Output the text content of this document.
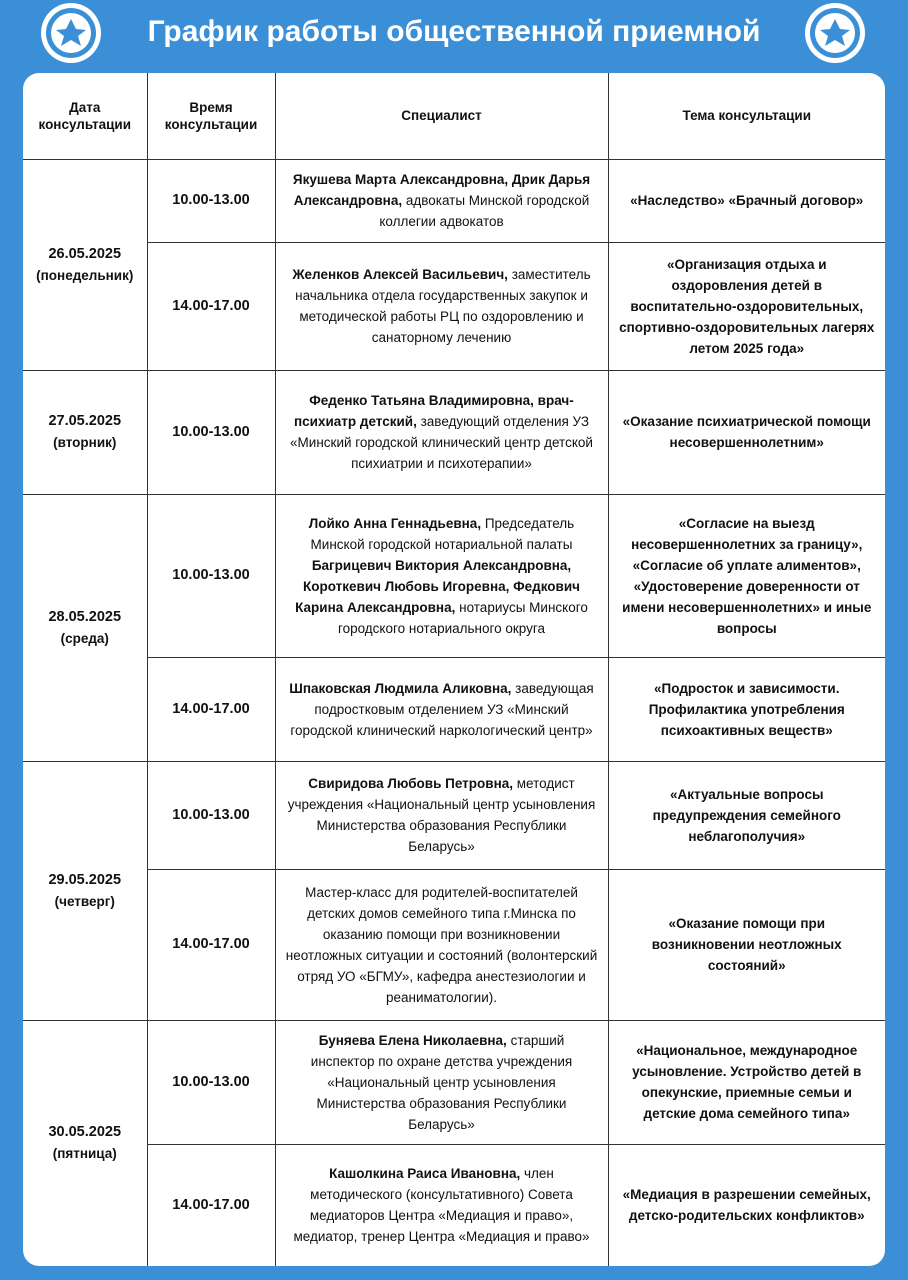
График работы общественной приемной
Дата консультации	Время консультации	Специалист	Тема консультации

26.05.2025
(понедельник)	10.00-13.00	Якушева Марта Александровна, Дрик Дарья Александровна, адвокаты Минской городской коллегии адвокатов	«Наследство» «Брачный договор»
	14.00-17.00	Желенков Алексей Васильевич, заместитель начальника отдела государственных закупок и методической работы РЦ по оздоровлению и санаторному лечению	«Организация отдыха и оздоровления детей в воспитательно-оздоровительных, спортивно-оздоровительных лагерях летом 2025 года»

27.05.2025
(вторник)	10.00-13.00	Феденко Татьяна Владимировна, врач-психиатр детский, заведующий отделения УЗ «Минский городской клинический центр детской психиатрии и психотерапии»	«Оказание психиатрической помощи несовершеннолетним»

28.05.2025
(среда)	10.00-13.00	Лойко Анна Геннадьевна, Председатель Минской городской нотариальной палаты Багрицевич Виктория Александровна, Короткевич Любовь Игоревна, Федкович Карина Александровна, нотариусы Минского городского нотариального округа	«Согласие на выезд несовершеннолетних за границу», «Согласие об уплате алиментов», «Удостоверение доверенности от имени несовершеннолетних» и иные вопросы
	14.00-17.00	Шпаковская Людмила Аликовна, заведующая подростковым отделением УЗ «Минский городской клинический наркологический центр»	«Подросток и зависимости. Профилактика употребления психоактивных веществ»

29.05.2025
(четверг)	10.00-13.00	Свиридова Любовь Петровна, методист учреждения «Национальный центр усыновления Министерства образования Республики Беларусь»	«Актуальные вопросы предупреждения семейного неблагополучия»
	14.00-17.00	Мастер-класс для родителей-воспитателей детских домов семейного типа г.Минска по оказанию помощи при возникновении неотложных ситуации и состояний (волонтерский отряд УО «БГМУ», кафедра анестезиологии и реаниматологии).	«Оказание помощи при возникновении неотложных состояний»

30.05.2025
(пятница)	10.00-13.00	Буняева Елена Николаевна, старший инспектор по охране детства учреждения «Национальный центр усыновления Министерства образования Республики Беларусь»	«Национальное, международное усыновление. Устройство детей в опекунские, приемные семьи и детские дома семейного типа»
	14.00-17.00	Кашолкина Раиса Ивановна, член методического (консультативного) Совета медиаторов Центра «Медиация и право», медиатор, тренер Центра «Медиация и право»	«Медиация в разрешении семейных, детско-родительских конфликтов»
